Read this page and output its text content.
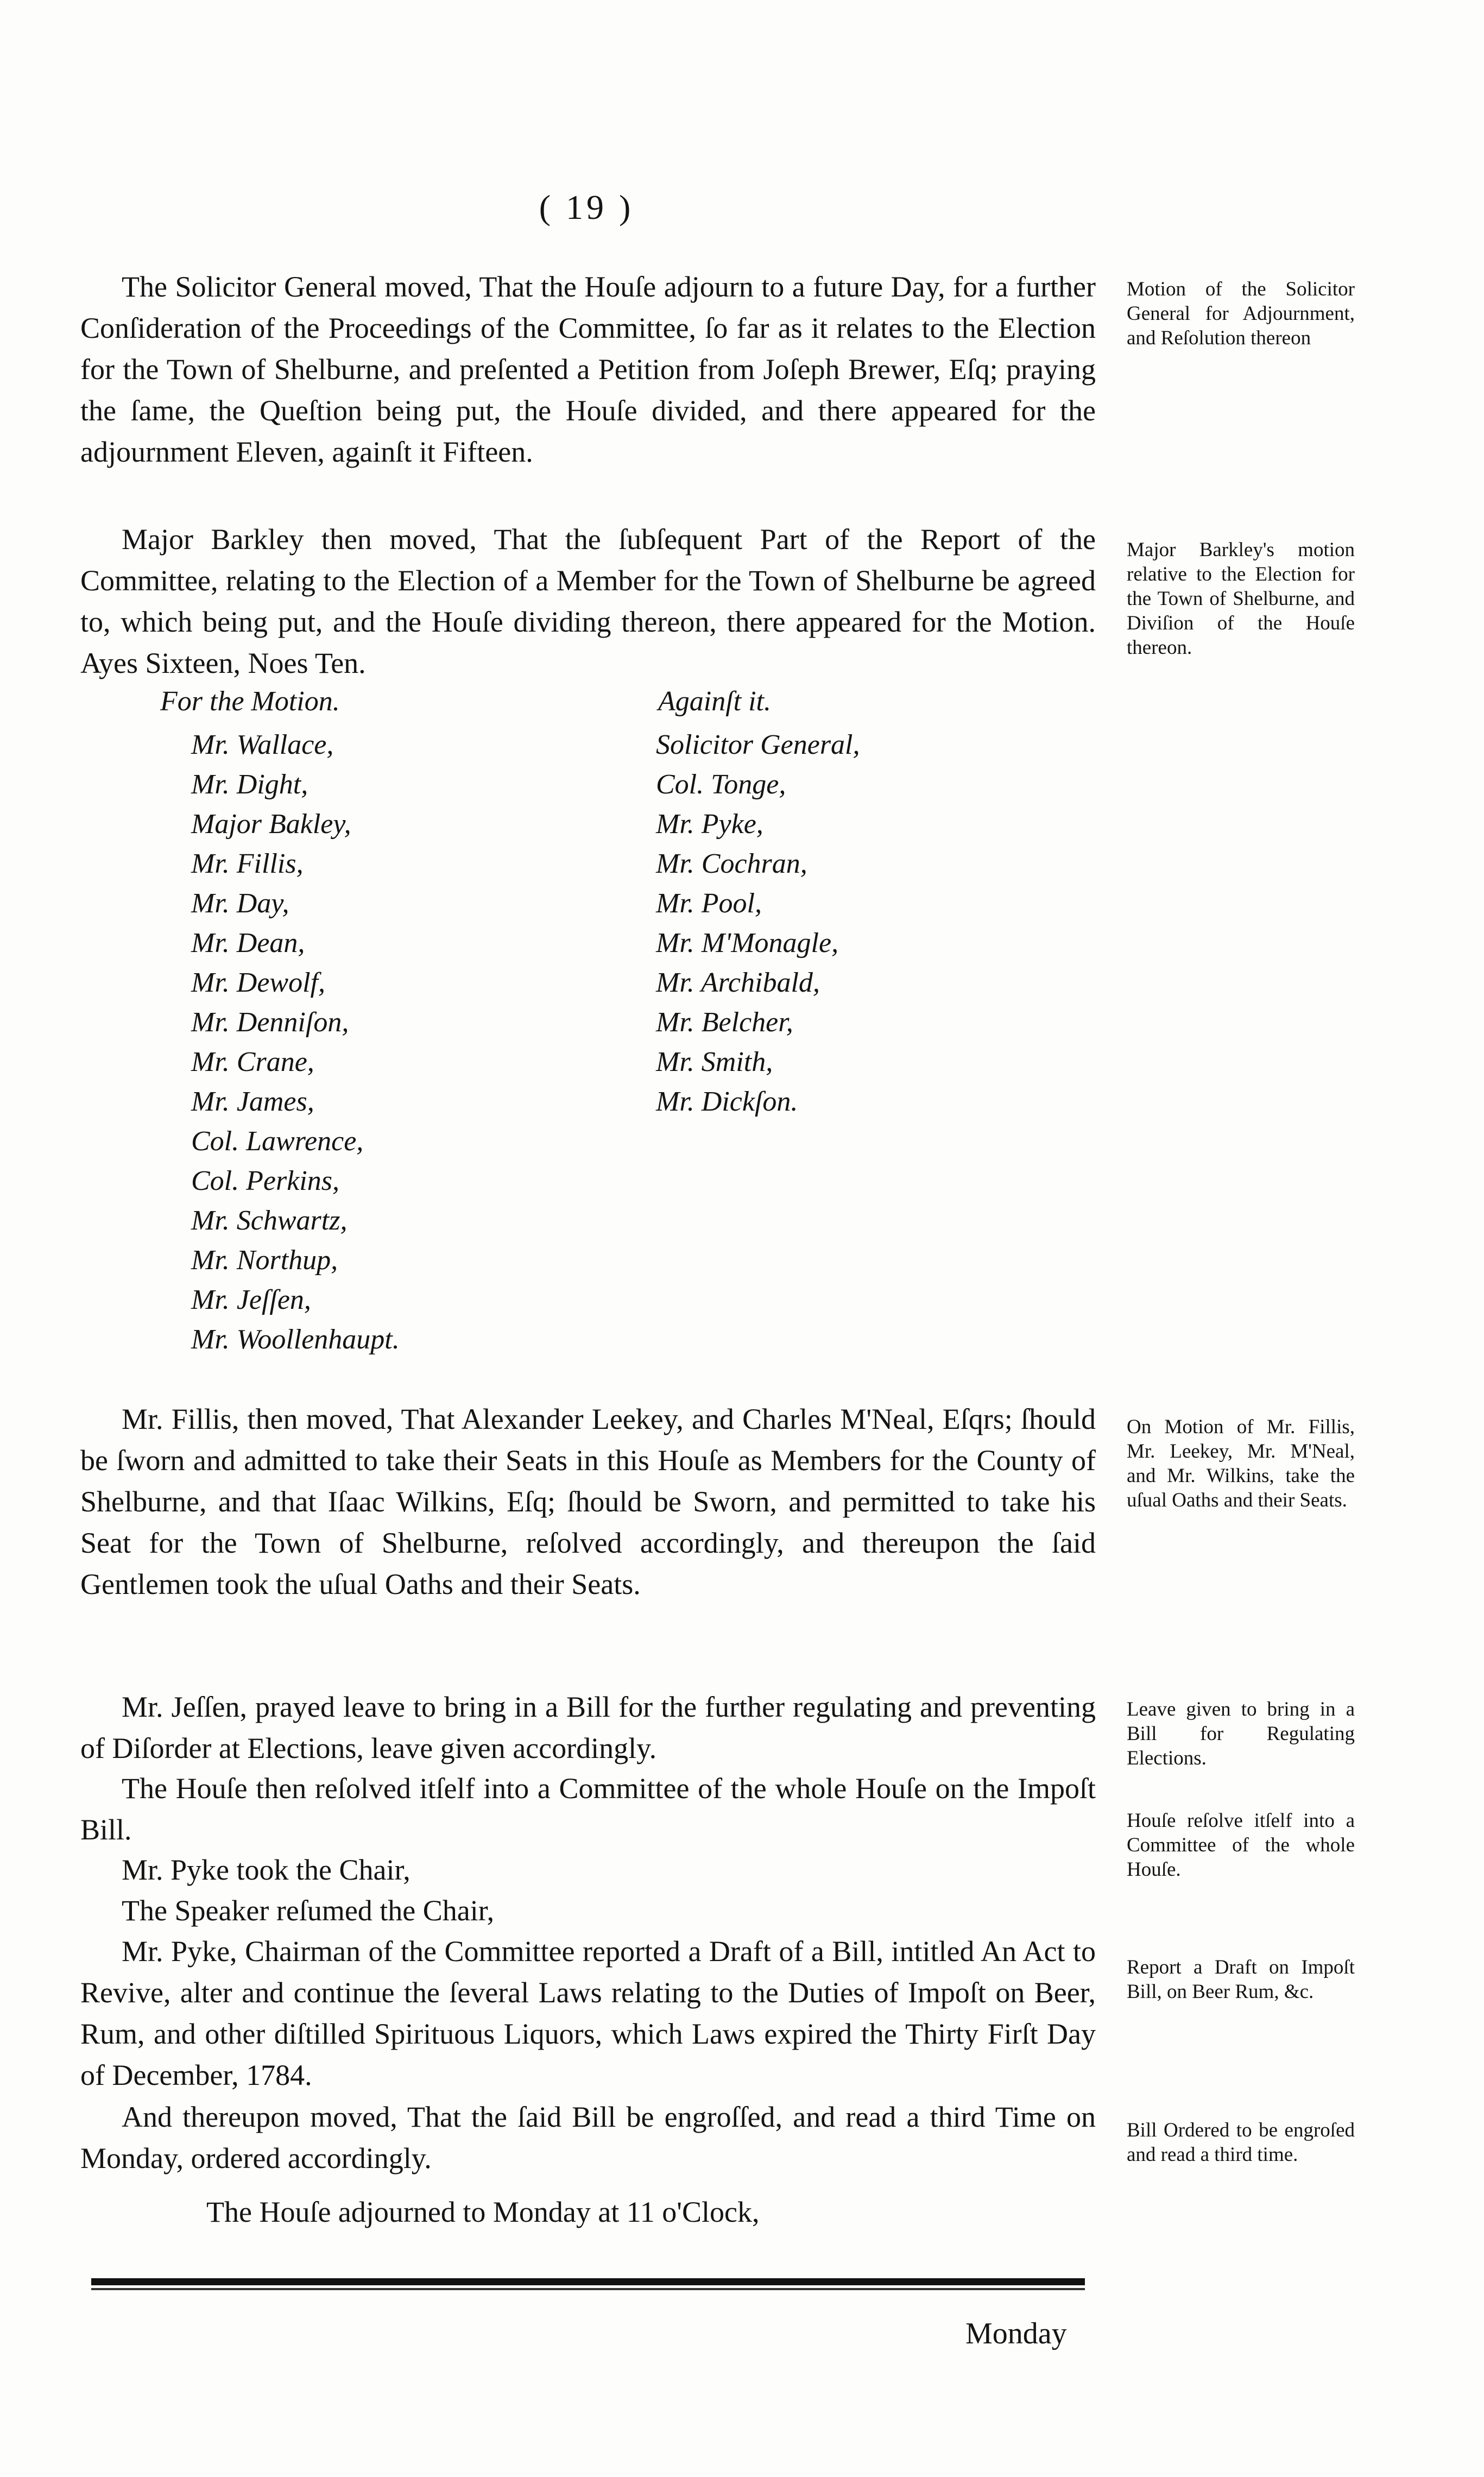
( 19 )

The Solicitor General moved, That the Houſe adjourn to a future Day, for a further Conſideration of the Proceedings of the Committee, ſo far as it relates to the Election for the Town of Shelburne, and preſented a Petition from Joſeph Brewer, Eſq; praying the ſame, the Queſtion being put, the Houſe divided, and there appeared for the adjournment Eleven, againſt it Fifteen.

Motion of the Solicitor General for Adjournment, and Reſolution thereon

Major Barkley then moved, That the ſubſequent Part of the Report of the Committee, relating to the Election of a Member for the Town of Shelburne be agreed to, which being put, and the Houſe dividing thereon, there appeared for the Motion. Ayes Sixteen, Noes Ten.

Major Barkley's motion relative to the Election for the Town of Shelburne, and Diviſion of the Houſe thereon.
For the Motion.	Againſt it.
Mr. Wallace,
Mr. Dight,
Major Bakley,
Mr. Fillis,
Mr. Day,
Mr. Dean,
Mr. Dewolf,
Mr. Denniſon,
Mr. Crane,
Mr. James,
Col. Lawrence,
Col. Perkins,
Mr. Schwartz,
Mr. Northup,
Mr. Jeſſen,
Mr. Woollenhaupt.
Solicitor General,
Col. Tonge,
Mr. Pyke,
Mr. Cochran,
Mr. Pool,
Mr. M'Monagle,
Mr. Archibald,
Mr. Belcher,
Mr. Smith,
Mr. Dickſon.

Mr. Fillis, then moved, That Alexander Leekey, and Charles M'Neal, Eſqrs; ſhould be ſworn and admitted to take their Seats in this Houſe as Members for the County of Shelburne, and that Iſaac Wilkins, Eſq; ſhould be Sworn, and permitted to take his Seat for the Town of Shelburne, reſolved accordingly, and thereupon the ſaid Gentlemen took the uſual Oaths and their Seats.

On Motion of Mr. Fillis, Mr. Leekey, Mr. M'Neal, and Mr. Wilkins, take the uſual Oaths and their Seats.

Mr. Jeſſen, prayed leave to bring in a Bill for the further regulating and preventing of Diſorder at Elections, leave given accordingly.

Leave given to bring in a Bill for Regulating Elections.

The Houſe then reſolved itſelf into a Committee of the whole Houſe on the Impoſt Bill.	Houſe reſolve itſelf into a Committee of the whole Houſe.

Mr. Pyke took the Chair,

The Speaker reſumed the Chair,

Mr. Pyke, Chairman of the Committee reported a Draft of a Bill, intitled An Act to Revive, alter and continue the ſeveral Laws relating to the Duties of Impoſt on Beer, Rum, and other diſtilled Spirituous Liquors, which Laws expired the Thirty Firſt Day of December, 1784.

Report a Draft on Impoſt Bill, on Beer Rum, &c.

And thereupon moved, That the ſaid Bill be engroſſed, and read a third Time on Monday, ordered accordingly.

Bill Ordered to be engroſed and read a third time.

The Houſe adjourned to Monday at 11 o'Clock,

Monday
